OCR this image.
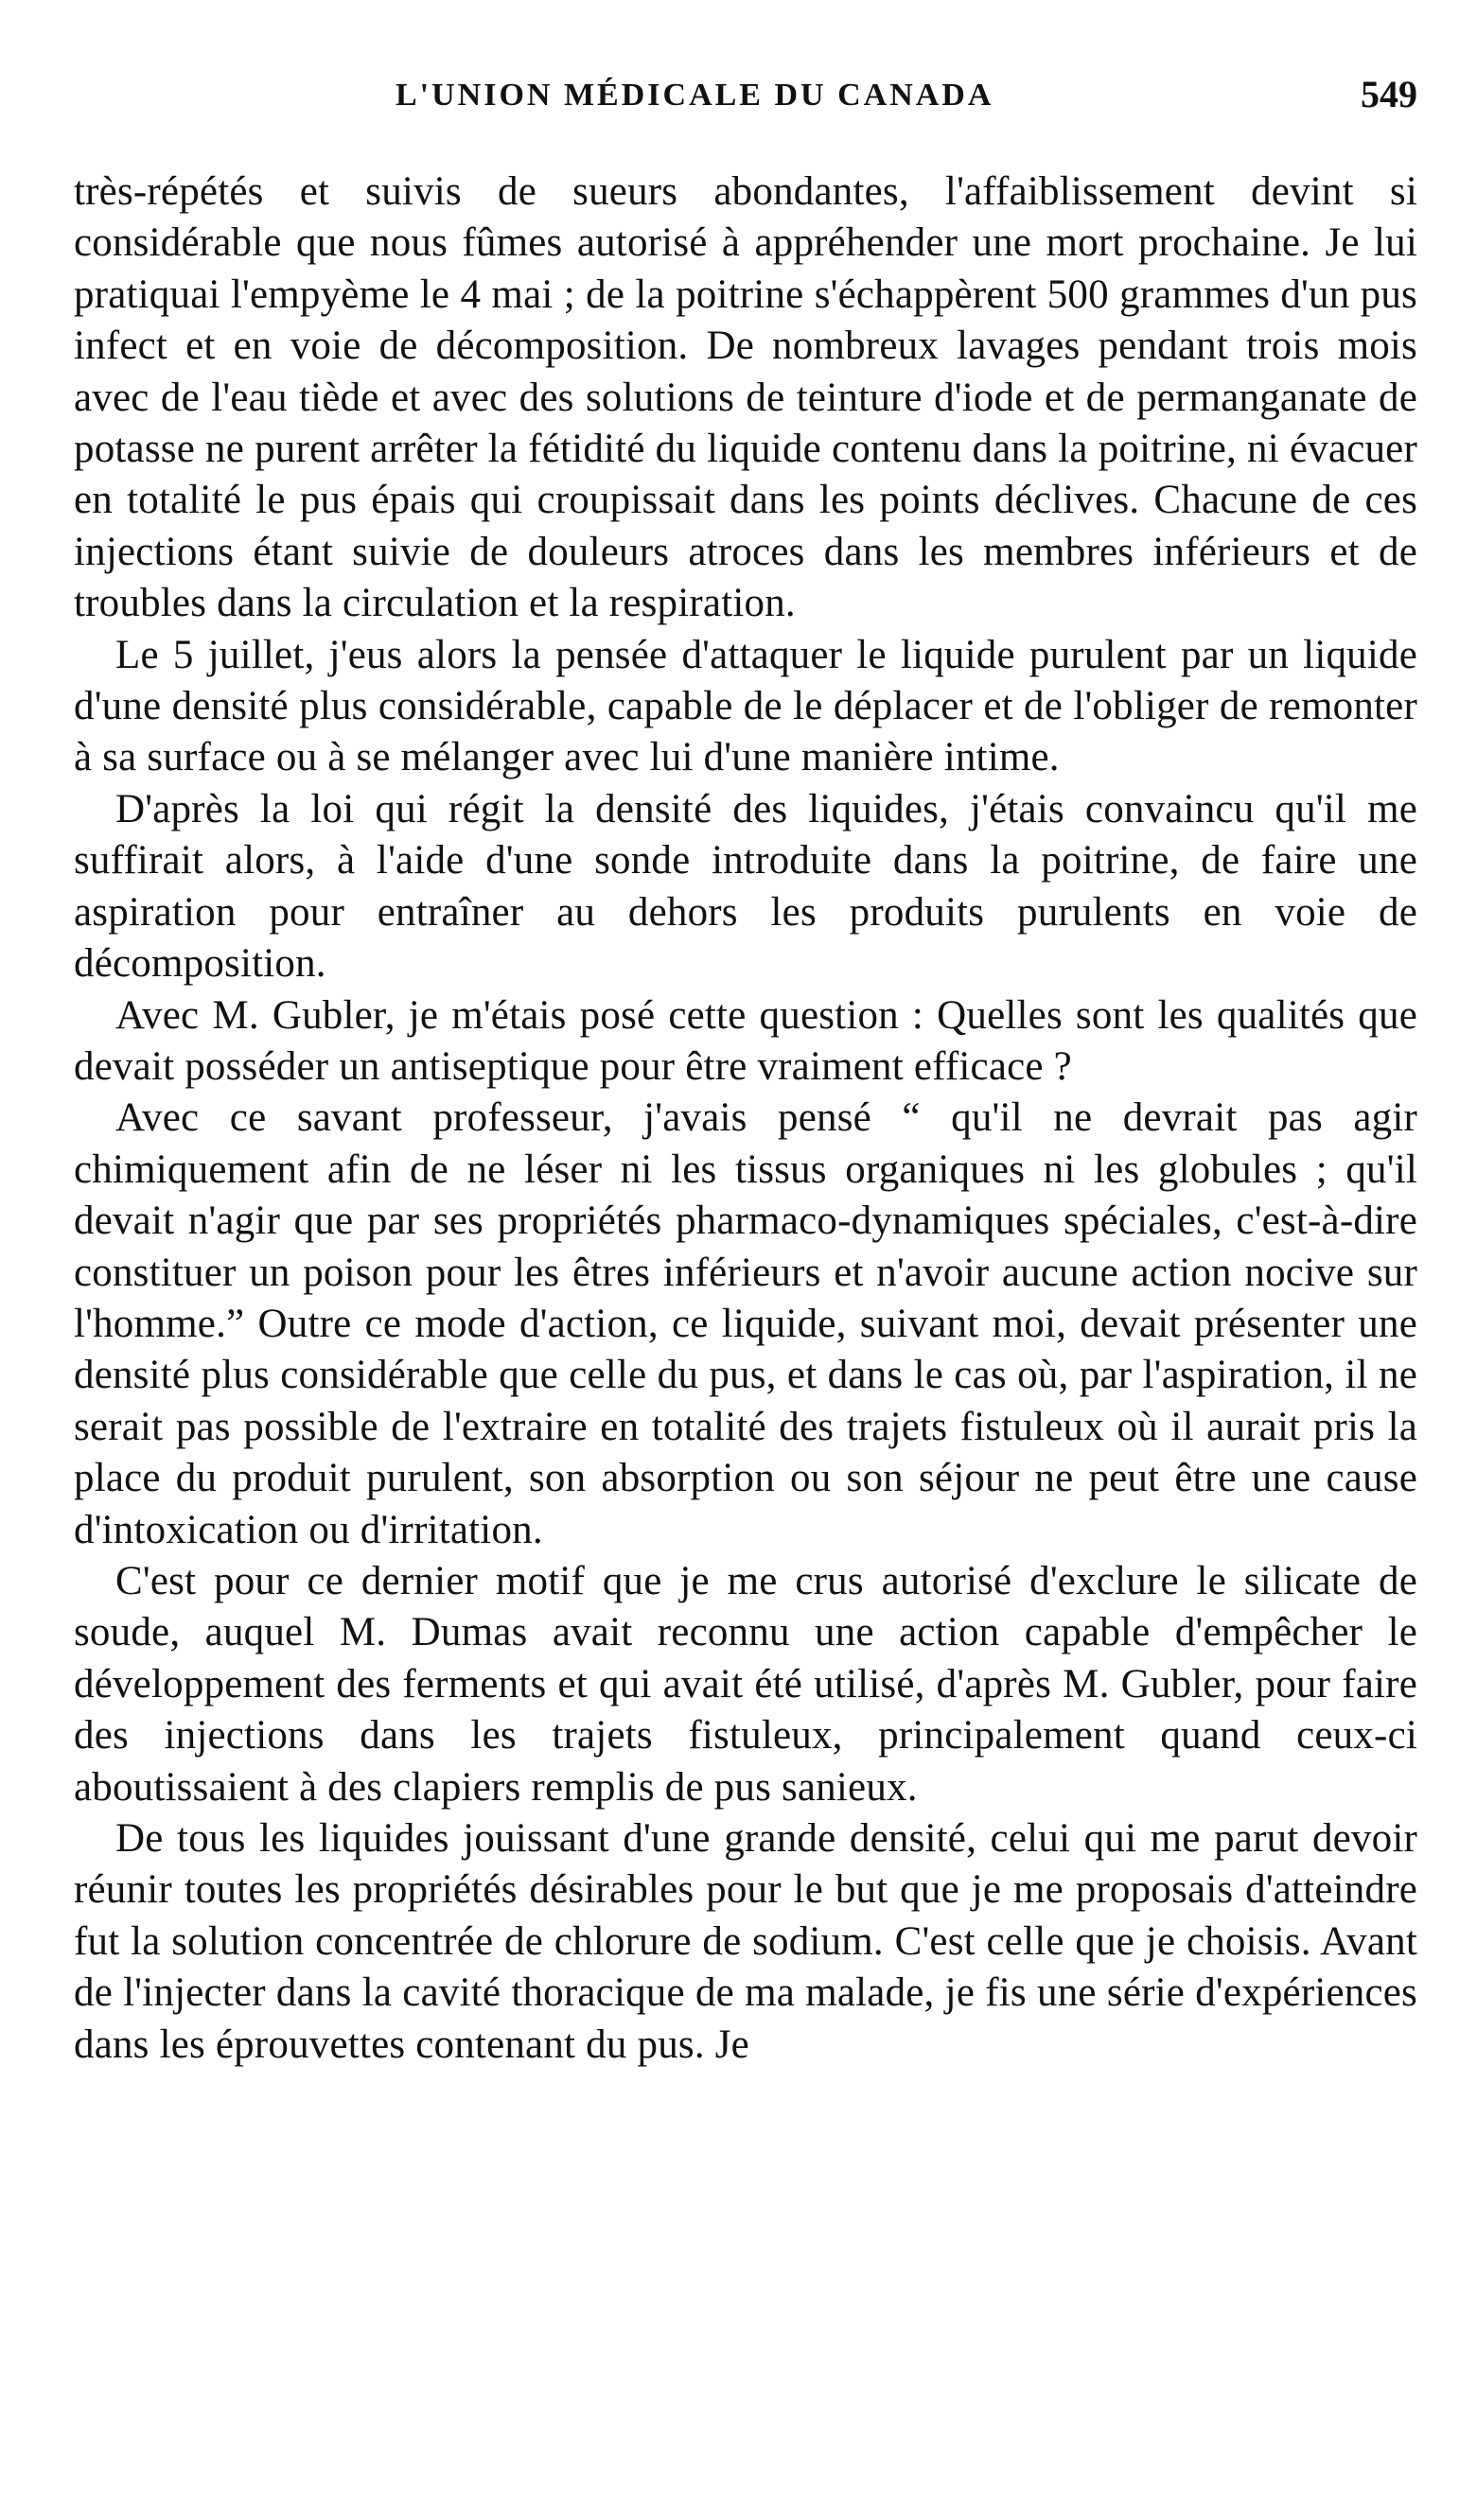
L'UNION MÉDICALE DU CANADA	549

très-répétés et suivis de sueurs abondantes, l'affaiblissement devint si considérable que nous fûmes autorisé à appréhender une mort prochaine. Je lui pratiquai l'empyème le 4 mai ; de la poitrine s'échappèrent 500 grammes d'un pus infect et en voie de décomposition. De nombreux lavages pendant trois mois avec de l'eau tiède et avec des solutions de teinture d'iode et de permanganate de potasse ne purent arrêter la fétidité du liquide contenu dans la poitrine, ni évacuer en totalité le pus épais qui croupissait dans les points déclives. Chacune de ces injections étant suivie de douleurs atroces dans les membres inférieurs et de troubles dans la circulation et la respiration.

Le 5 juillet, j'eus alors la pensée d'attaquer le liquide purulent par un liquide d'une densité plus considérable, capable de le déplacer et de l'obliger de remonter à sa surface ou à se mélanger avec lui d'une manière intime.

D'après la loi qui régit la densité des liquides, j'étais convaincu qu'il me suffirait alors, à l'aide d'une sonde introduite dans la poitrine, de faire une aspiration pour entraîner au dehors les produits purulents en voie de décomposition.

Avec M. Gubler, je m'étais posé cette question : Quelles sont les qualités que devait posséder un antiseptique pour être vraiment efficace ?

Avec ce savant professeur, j'avais pensé “ qu'il ne devrait pas agir chimiquement afin de ne léser ni les tissus organiques ni les globules ; qu'il devait n'agir que par ses propriétés pharmaco-dynamiques spéciales, c'est-à-dire constituer un poison pour les êtres inférieurs et n'avoir aucune action nocive sur l'homme.” Outre ce mode d'action, ce liquide, suivant moi, devait présenter une densité plus considérable que celle du pus, et dans le cas où, par l'aspiration, il ne serait pas possible de l'extraire en totalité des trajets fistuleux où il aurait pris la place du produit purulent, son absorption ou son séjour ne peut être une cause d'intoxication ou d'irritation.

C'est pour ce dernier motif que je me crus autorisé d'exclure le silicate de soude, auquel M. Dumas avait reconnu une action capable d'empêcher le développement des ferments et qui avait été utilisé, d'après M. Gubler, pour faire des injections dans les trajets fistuleux, principalement quand ceux-ci aboutissaient à des clapiers remplis de pus sanieux.

De tous les liquides jouissant d'une grande densité, celui qui me parut devoir réunir toutes les propriétés désirables pour le but que je me proposais d'atteindre fut la solution concentrée de chlorure de sodium. C'est celle que je choisis. Avant de l'injecter dans la cavité thoracique de ma malade, je fis une série d'expériences dans les éprouvettes contenant du pus. Je
